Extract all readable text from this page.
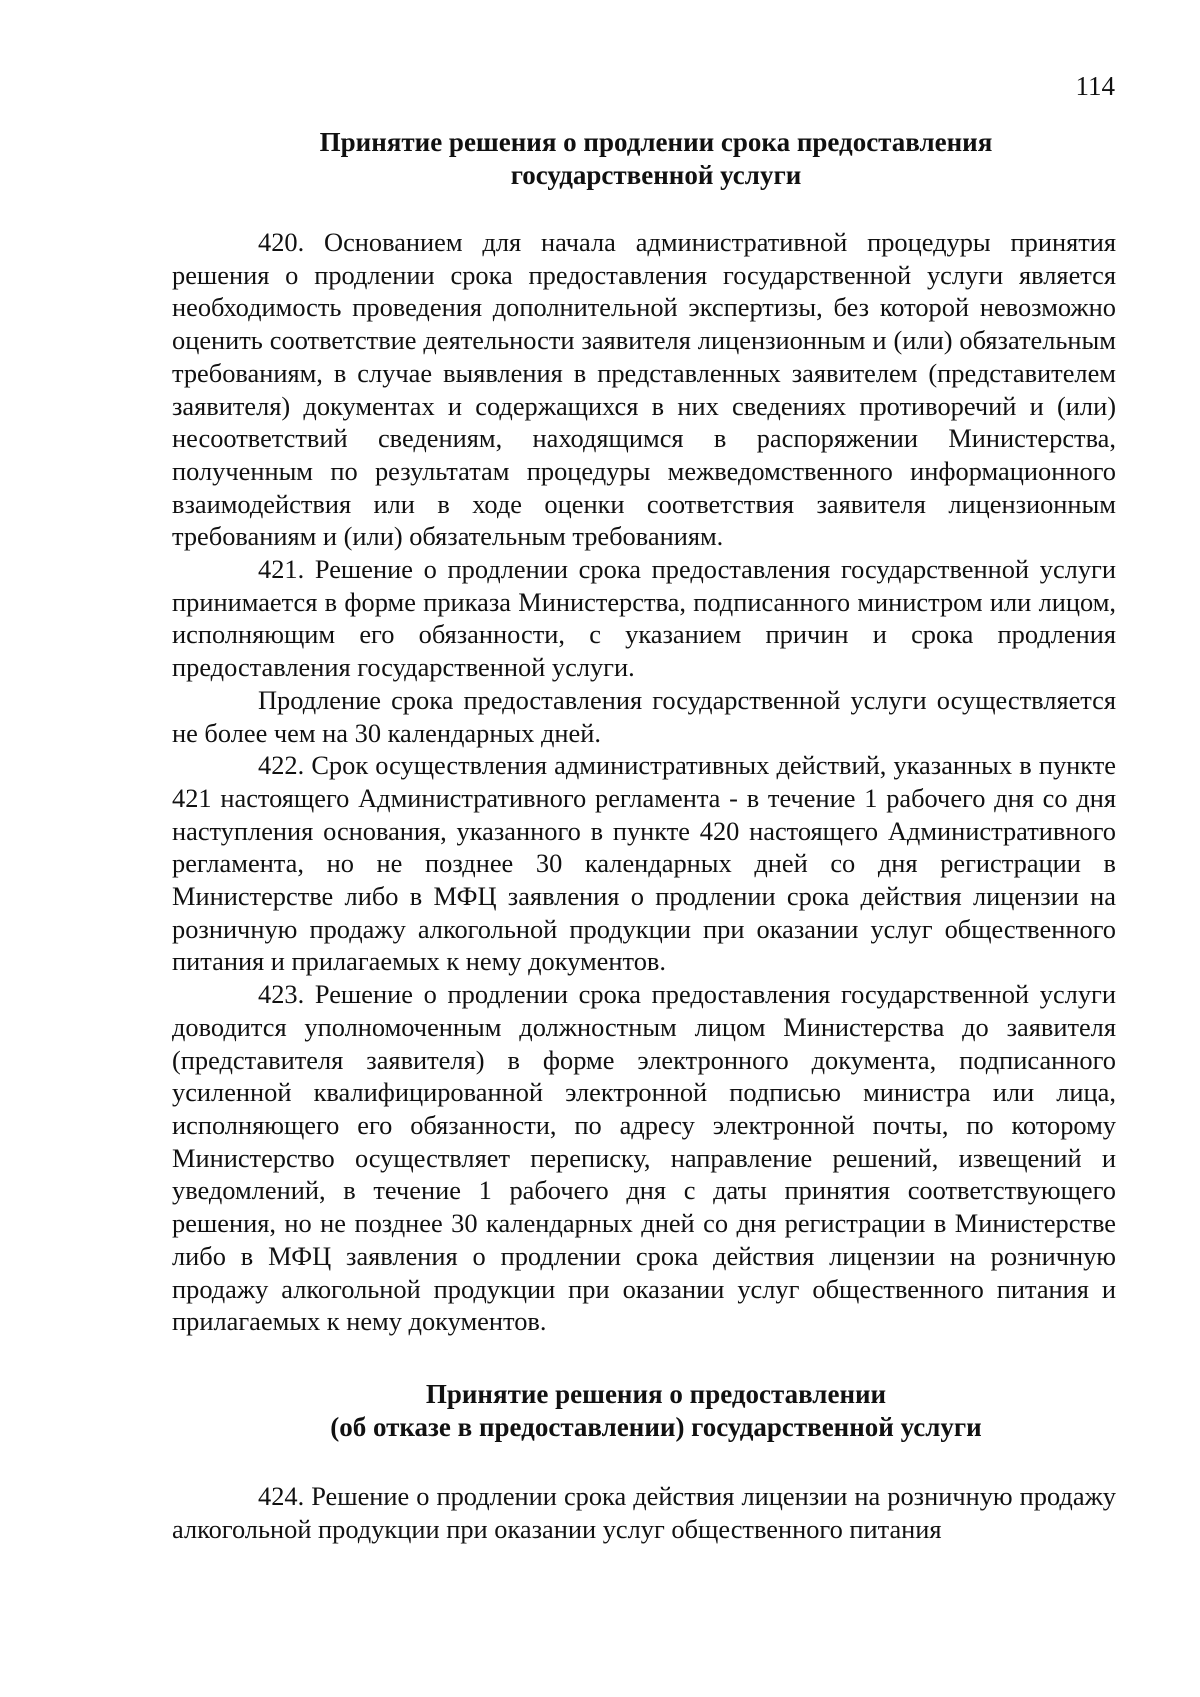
114
Принятие решения о продлении срока предоставления
государственной услуги

420. Основанием для начала административной процедуры принятия решения о продлении срока предоставления государственной услуги является необходимость проведения дополнительной экспертизы, без которой невозможно оценить соответствие деятельности заявителя лицензионным и (или) обязательным требованиям, в случае выявления в представленных заявителем (представителем заявителя) документах и содержащихся в них сведениях противоречий и (или) несоответствий сведениям, находящимся в распоряжении Министерства, полученным по результатам процедуры межведомственного информационного взаимодействия или в ходе оценки соответствия заявителя лицензионным требованиям и (или) обязательным требованиям.

421. Решение о продлении срока предоставления государственной услуги принимается в форме приказа Министерства, подписанного министром или лицом, исполняющим его обязанности, с указанием причин и срока продления предоставления государственной услуги.

Продление срока предоставления государственной услуги осуществляется не более чем на 30 календарных дней.

422. Срок осуществления административных действий, указанных в пункте 421 настоящего Административного регламента - в течение 1 рабочего дня со дня наступления основания, указанного в пункте 420 настоящего Административного регламента, но не позднее 30 календарных дней со дня регистрации в Министерстве либо в МФЦ заявления о продлении срока действия лицензии на розничную продажу алкогольной продукции при оказании услуг общественного питания и прилагаемых к нему документов.

423. Решение о продлении срока предоставления государственной услуги доводится уполномоченным должностным лицом Министерства до заявителя (представителя заявителя) в форме электронного документа, подписанного усиленной квалифицированной электронной подписью министра или лица, исполняющего его обязанности, по адресу электронной почты, по которому Министерство осуществляет переписку, направление решений, извещений и уведомлений, в течение 1 рабочего дня с даты принятия соответствующего решения, но не позднее 30 календарных дней со дня регистрации в Министерстве либо в МФЦ заявления о продлении срока действия лицензии на розничную продажу алкогольной продукции при оказании услуг общественного питания и прилагаемых к нему документов.

Принятие решения о предоставлении
(об отказе в предоставлении) государственной услуги

424. Решение о продлении срока действия лицензии на розничную продажу алкогольной продукции при оказании услуг общественного питания
